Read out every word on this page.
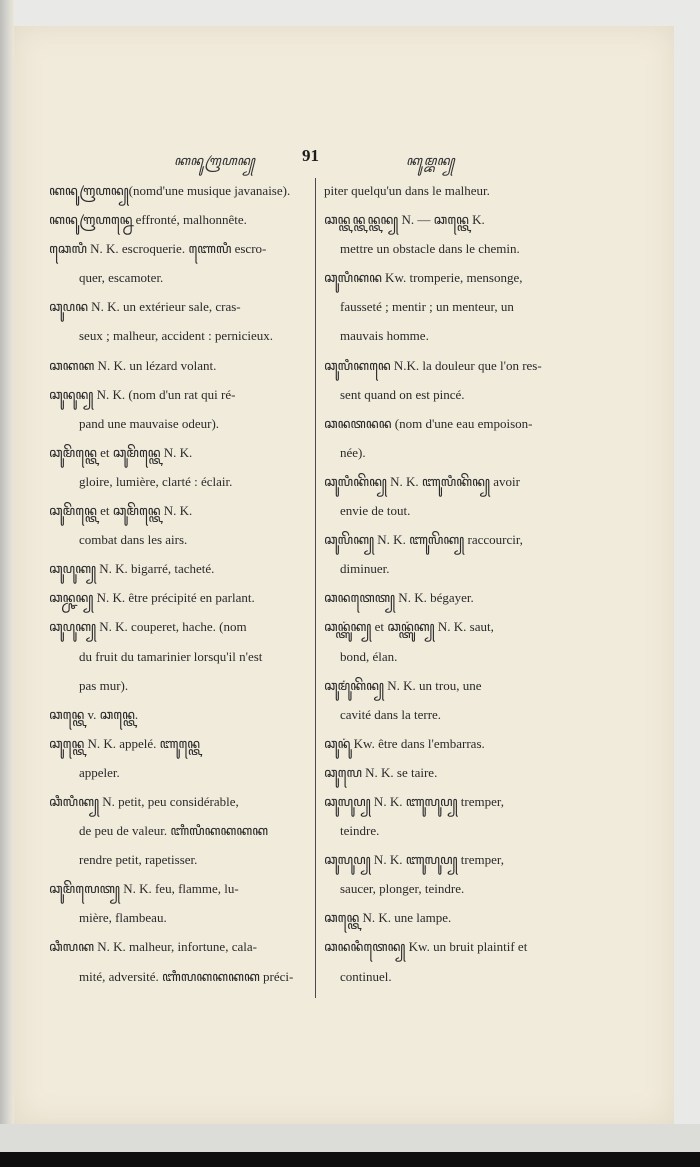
ꦏꦤꦸꦒꦿꦲꦤ꧀	91	ꦏꦸꦩ꧀ꦧꦤ꧀
ꦏꦤꦸꦒꦿꦲꦤ꧀(nomd'une musique javanaise).
ꦏꦤꦸꦒꦿꦲꦤ꧀ꦤꦺ effronté, malhonnête.
ꦕꦺꦭꦶ N. K. escroquerie. ꦚꦺꦭꦶ escro-
quer, escamoter.
ꦕꦸꦥꦤ N. K. un extérieur sale, cras-
seux ; malheur, accident : pernicieux.
ꦕꦏꦏ N. K. un lézard volant.
ꦕꦸꦤꦸꦤ꧀ N. K. (nom d'un rat qui ré-
pand une mauvaise odeur).
ꦕꦸꦩꦼꦤ꧀ꦠꦺ et ꦕꦸꦩꦼꦤ꧀ꦠꦺ N. K.
gloire, lumière, clarté : éclair.
ꦕꦸꦩꦼꦤ꧀ꦠꦺ et ꦕꦸꦩꦼꦤ꧀ꦠꦺ N. K.
combat dans les airs.
ꦕꦸꦥꦸꦏ꧀ N. K. bigarré, tacheté.
ꦕꦤ꧀ꦕꦤ꧀ N. K. être précipité en parlant.
ꦕꦸꦥꦸꦏ꧀ N. K. couperet, hache. (nom
du fruit du tamarinier lorsqu'il n'est
pas mur).
ꦕꦤ꧀ꦠꦺ v. ꦕꦤ꧀ꦠꦺ.
ꦕꦸꦤ꧀ꦠꦺ N. K. appelé. ꦚꦸꦤ꧀ꦠꦺ
appeler.
ꦕꦶꦭꦶꦏ꧀ N. petit, peu considérable,
de peu de valeur. ꦚꦶꦭꦶꦏꦏꦏꦏ
rendre petit, rapetisser.
ꦕꦸꦩꦼꦭꦺꦠ꧀ N. K. feu, flamme, lu-
mière, flambeau.
ꦕꦶꦭꦏ N. K. malheur, infortune, cala-
mité, adversité. ꦚꦶꦭꦏꦏꦏꦏ préci-
piter quelqu'un dans le malheur.
ꦕꦤ꧀ꦠꦤ꧀ꦠꦤ꧀ꦠꦤ꧀ N. — ꦕꦤ꧀ꦠꦺ K.
mettre un obstacle dans le chemin.
ꦕꦸꦭꦶꦏꦤ Kw. tromperie, mensonge,
fausseté ; mentir ; un menteur, un
mauvais homme.
ꦕꦸꦭꦶꦏꦤꦺ N.K. la douleur que l'on res-
sent quand on est pincé.
ꦕꦤꦠꦤꦤ (nom d'une eau empoison-
née).
ꦕꦸꦭꦶꦏꦼꦤ꧀ N. K. ꦚꦸꦭꦶꦏꦼꦤ꧀ avoir
envie de tout.
ꦕꦸꦭꦼꦏ꧀ N. K. ꦚꦸꦭꦼꦏ꧀ raccourcir,
diminuer.
ꦕꦤꦠꦺꦠ꧀ N. K. bégayer.
ꦕꦤ꧀ꦠꦸꦁꦏ꧀ et ꦕꦤ꧀ꦠꦸꦁꦏ꧀ N. K. saut,
bond, élan.
ꦕꦸꦩꦸꦁꦏꦼꦤ꧀ N. K. un trou, une
cavité dans la terre.
ꦕꦸꦤꦸꦁ Kw. être dans l'embarras.
ꦕꦸꦭꦺ N. K. se taire.
ꦕꦸꦭꦸꦥ꧀ N. K. ꦚꦸꦭꦸꦥ꧀ tremper,
teindre.
ꦕꦸꦭꦸꦥ꧀ N. K. ꦚꦸꦭꦸꦥ꧀ tremper,
saucer, plonger, teindre.
ꦕꦤ꧀ꦠꦺ N. K. une lampe.
ꦕꦤꦤꦶꦠꦺꦤ꧀ Kw. un bruit plaintif et
continuel.
